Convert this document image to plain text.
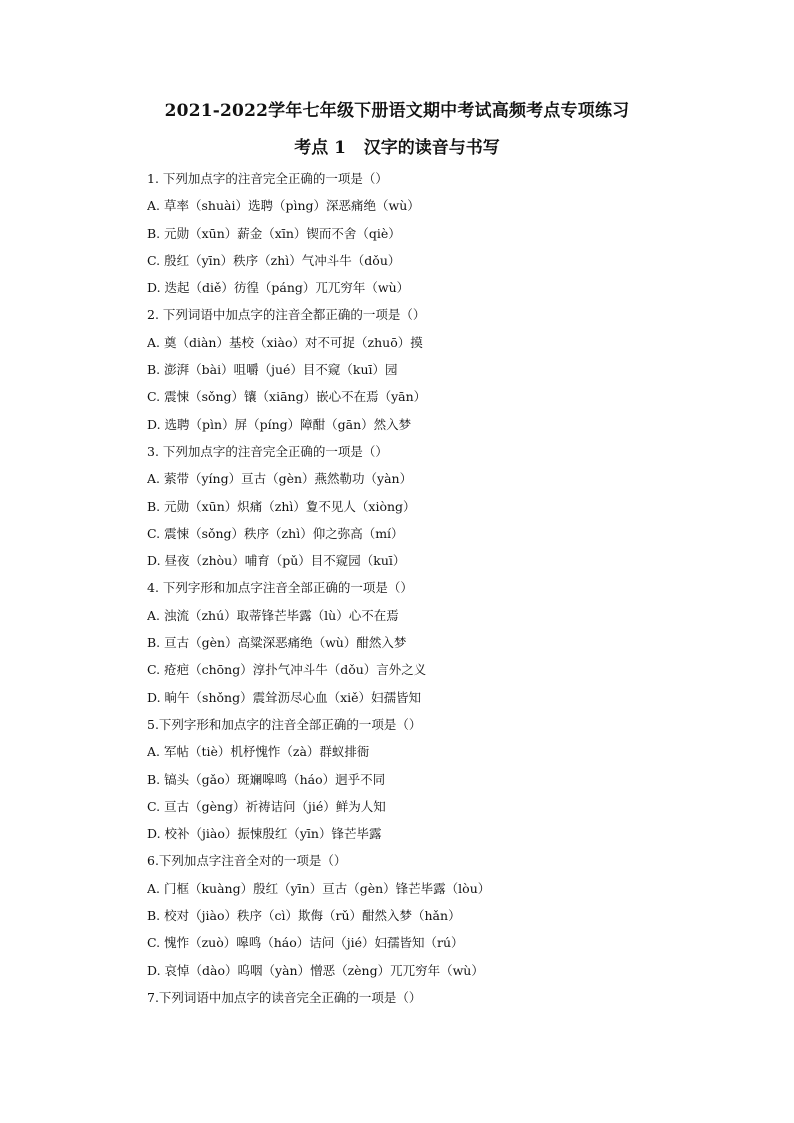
2021-2022学年七年级下册语文期中考试高频考点专项练习
考点 1   汉字的读音与书写
1. 下列加点字的注音完全正确的一项是（）
A. 草率（shuài）选聘（pìng）深恶痛绝（wù）
B. 元勋（xūn）薪金（xīn）锲而不舍（qiè）
C. 殷红（yīn）秩序（zhì）气冲斗牛（dǒu）
D. 迭起（diě）彷徨（páng）兀兀穷年（wù）
2. 下列词语中加点字的注音全都正确的一项是（）
A. 奠（diàn）基校（xiào）对不可捉（zhuō）摸
B. 澎湃（bài）咀嚼（jué）目不窥（kuī）园
C. 震悚（sǒng）镶（xiāng）嵌心不在焉（yān）
D. 选聘（pìn）屏（píng）障酣（gān）然入梦
3. 下列加点字的注音完全正确的一项是（）
A. 萦带（yíng）亘古（gèn）燕然勒功（yàn）
B. 元勋（xūn）炽痛（zhì）夐不见人（xiòng）
C. 震悚（sǒng）秩序（zhì）仰之弥高（mí）
D. 昼夜（zhòu）哺育（pǔ）目不窥园（kuī）
4. 下列字形和加点字注音全部正确的一项是（）
A. 浊流（zhú）取蒂锋芒毕露（lù）心不在焉
B. 亘古（gèn）高粱深恶痛绝（wù）酣然入梦
C. 疮疤（chōng）淳扑气冲斗牛（dǒu）言外之义
D. 晌午（shǒng）震耸沥尽心血（xiě）妇孺皆知
5.下列字形和加点字的注音全部正确的一项是（）
A. 军帖（tiè）机杼愧怍（zà）群蚁排衙
B. 镐头（gǎo）斑斓嗥鸣（háo）迥乎不同
C. 亘古（gèng）祈祷诘问（jié）鲜为人知
D. 校补（jiào）振悚殷红（yīn）锋芒毕露
6.下列加点字注音全对的一项是（）
A. 门框（kuàng）殷红（yīn）亘古（gèn）锋芒毕露（lòu）
B. 校对（jiào）秩序（cì）欺侮（rǔ）酣然入梦（hǎn）
C. 愧怍（zuò）嗥鸣（háo）诘问（jié）妇孺皆知（rú）
D. 哀悼（dào）呜咽（yàn）憎恶（zèng）兀兀穷年（wù）
7.下列词语中加点字的读音完全正确的一项是（）
